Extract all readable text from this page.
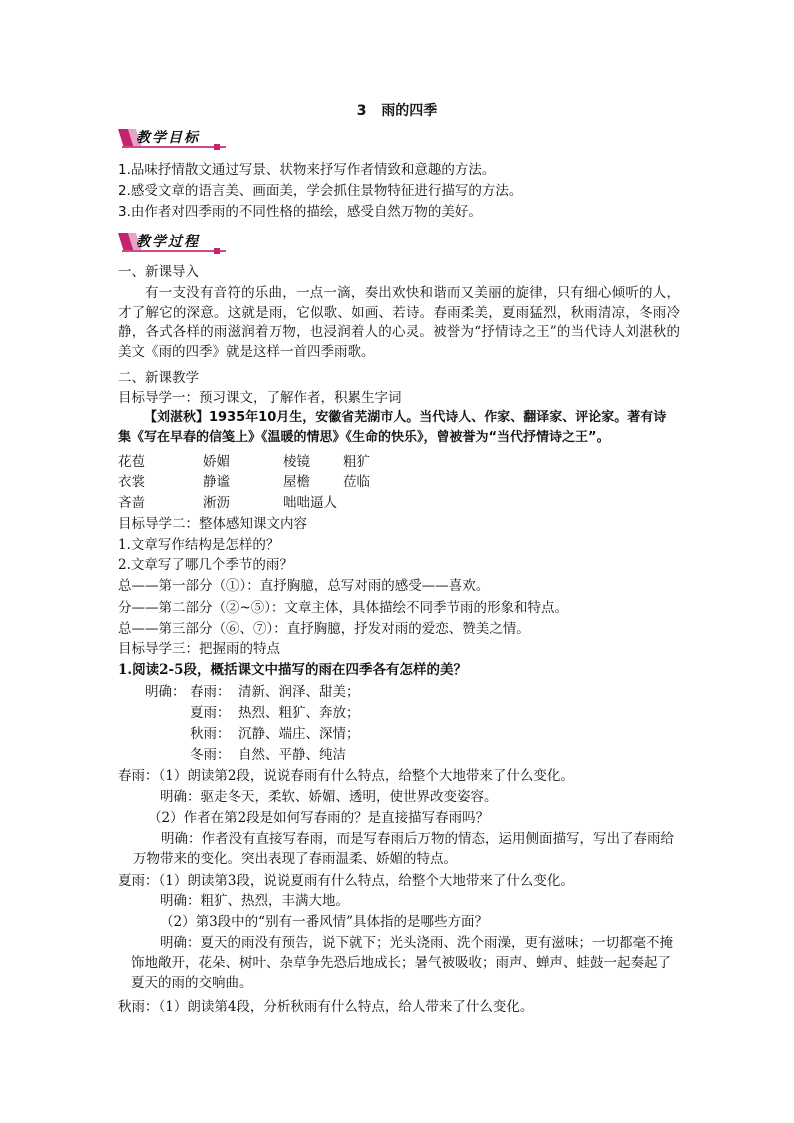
3 雨的四季
教学目标
1.品味抒情散文通过写景、状物来抒写作者情致和意趣的方法。
2.感受文章的语言美、画面美，学会抓住景物特征进行描写的方法。
3.由作者对四季雨的不同性格的描绘，感受自然万物的美好。
教学过程
一、新课导入

有一支没有音符的乐曲，一点一滴，奏出欢快和谐而又美丽的旋律，只有细心倾听的人，才了解它的深意。这就是雨，它似歌、如画、若诗。春雨柔美，夏雨猛烈，秋雨清凉，冬雨冷静，各式各样的雨滋润着万物，也浸润着人的心灵。被誉为“抒情诗之王”的当代诗人刘湛秋的美文《雨的四季》就是这样一首四季雨歌。

二、新课教学
目标导学一：预习课文，了解作者，积累生字词

【刘湛秋】1935年10月生，安徽省芜湖市人。当代诗人、作家、翻译家、评论家。著有诗集《写在早春的信笺上》《温暖的情思》《生命的快乐》，曾被誉为“当代抒情诗之王”。

花苞	娇媚	棱镜 粗犷
衣裳	静谧	屋檐 莅临
吝啬	淅沥	咄咄逼人
目标导学二：整体感知课文内容
1.文章写作结构是怎样的？
2.文章写了哪几个季节的雨？
总——第一部分（①）：直抒胸臆，总写对雨的感受——喜欢。
分——第二部分（②~⑤）：文章主体，具体描绘不同季节雨的形象和特点。
总——第三部分（⑥、⑦）：直抒胸臆，抒发对雨的爱恋、赞美之情。
目标导学三：把握雨的特点
1.阅读2-5段，概括课文中描写的雨在四季各有怎样的美？
明确： 春雨： 清新、润泽、甜美；
夏雨： 热烈、粗犷、奔放；
秋雨： 沉静、端庄、深情；
冬雨： 自然、平静、纯洁
春雨：（1）朗读第2段，说说春雨有什么特点，给整个大地带来了什么变化。
明确：驱走冬天，柔软、娇媚、透明，使世界改变姿容。
（2）作者在第2段是如何写春雨的？是直接描写春雨吗？

明确：作者没有直接写春雨，而是写春雨后万物的情态，运用侧面描写，写出了春雨给万物带来的变化。突出表现了春雨温柔、娇媚的特点。

夏雨：（1）朗读第3段，说说夏雨有什么特点，给整个大地带来了什么变化。
明确：粗犷、热烈，丰满大地。
（2）第3段中的“别有一番风情”具体指的是哪些方面？

明确：夏天的雨没有预告，说下就下；光头浇雨、洗个雨澡，更有滋味；一切都毫不掩饰地敞开，花朵、树叶、杂草争先恐后地成长；暑气被吸收；雨声、蝉声、蛙鼓一起奏起了夏天的雨的交响曲。

秋雨：（1）朗读第4段，分析秋雨有什么特点，给人带来了什么变化。
